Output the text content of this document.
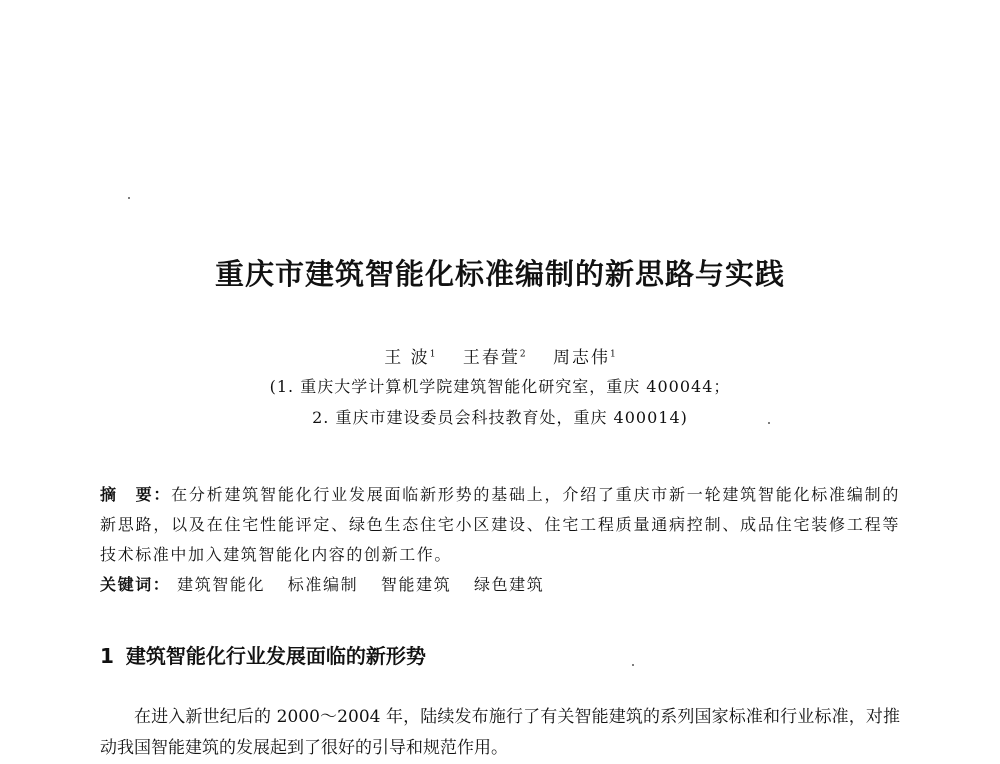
重庆市建筑智能化标准编制的新思路与实践
王 波$^1$ 王春萱$^2$ 周志伟$^1$
(1. 重庆大学计算机学院建筑智能化研究室，重庆 400044；
2. 重庆市建设委员会科技教育处，重庆 400014)
摘　要：在分析建筑智能化行业发展面临新形势的基础上，介绍了重庆市新一轮建筑智能化标准编制的新思路，以及在住宅性能评定、绿色生态住宅小区建设、住宅工程质量通病控制、成品住宅装修工程等技术标准中加入建筑智能化内容的创新工作。
关键词： 建筑智能化 标准编制 智能建筑 绿色建筑
1 建筑智能化行业发展面临的新形势
在进入新世纪后的 2000～2004 年，陆续发布施行了有关智能建筑的系列国家标准和行业标准，对推动我国智能建筑的发展起到了很好的引导和规范作用。
